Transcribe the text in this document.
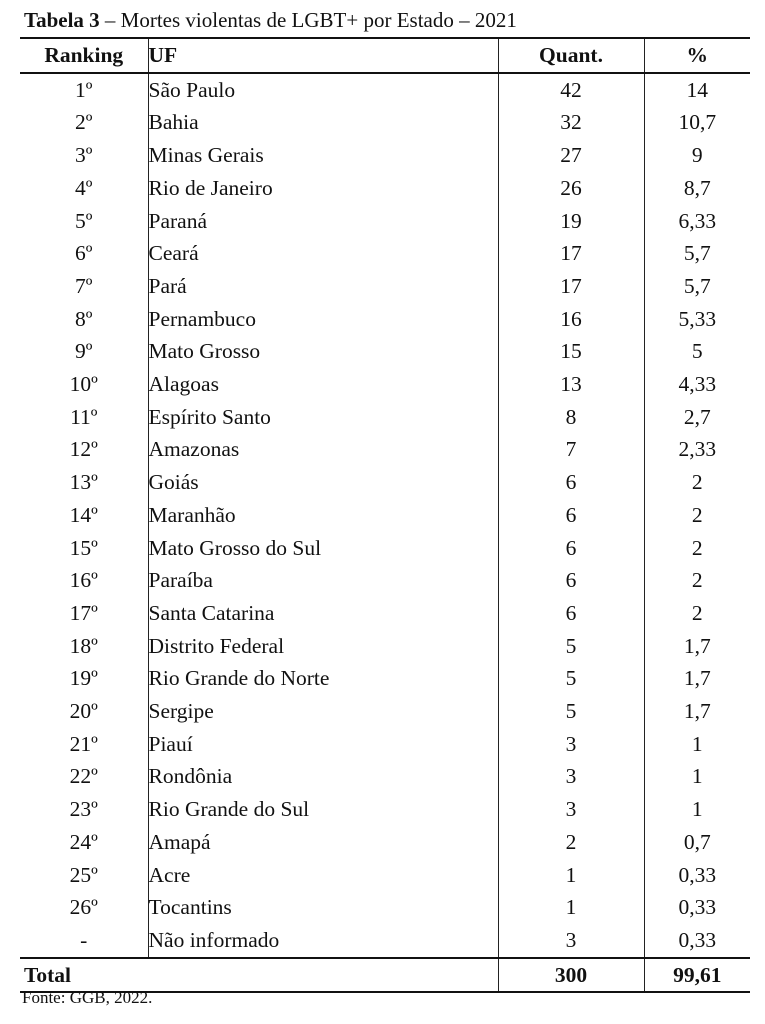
Tabela 3 – Mortes violentas de LGBT+ por Estado – 2021
Ranking	UF	Quant.	%
1º	São Paulo	42	14
2º	Bahia	32	10,7
3º	Minas Gerais	27	9
4º	Rio de Janeiro	26	8,7
5º	Paraná	19	6,33
6º	Ceará	17	5,7
7º	Pará	17	5,7
8º	Pernambuco	16	5,33
9º	Mato Grosso	15	5
10º	Alagoas	13	4,33
11º	Espírito Santo	8	2,7
12º	Amazonas	7	2,33
13º	Goiás	6	2
14º	Maranhão	6	2
15º	Mato Grosso do Sul	6	2
16º	Paraíba	6	2
17º	Santa Catarina	6	2
18º	Distrito Federal	5	1,7
19º	Rio Grande do Norte	5	1,7
20º	Sergipe	5	1,7
21º	Piauí	3	1
22º	Rondônia	3	1
23º	Rio Grande do Sul	3	1
24º	Amapá	2	0,7
25º	Acre	1	0,33
26º	Tocantins	1	0,33
-	Não informado	3	0,33
Total		300	99,61
Fonte: GGB, 2022.
